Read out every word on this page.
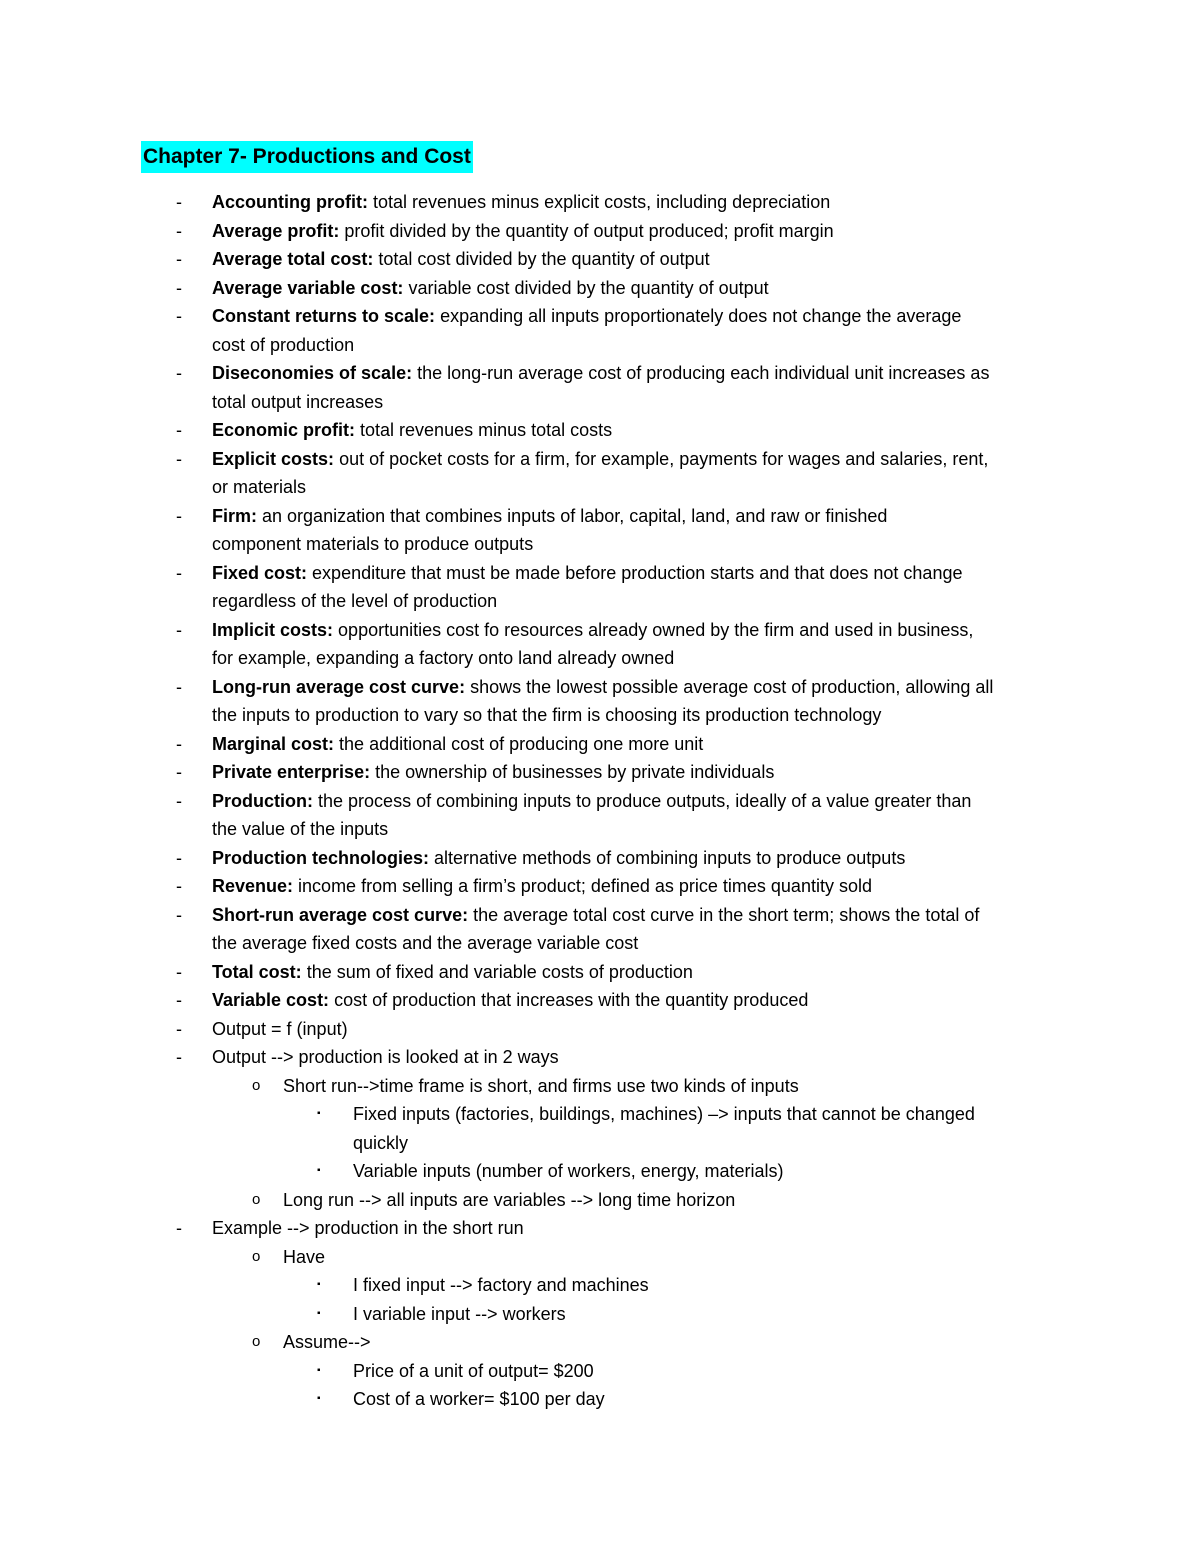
Chapter 7- Productions and Cost
- Accounting profit: total revenues minus explicit costs, including depreciation
- Average profit: profit divided by the quantity of output produced; profit margin
- Average total cost: total cost divided by the quantity of output
- Average variable cost: variable cost divided by the quantity of output
- Constant returns to scale: expanding all inputs proportionately does not change the average
cost of production
- Diseconomies of scale: the long-run average cost of producing each individual unit increases as
total output increases
- Economic profit: total revenues minus total costs
- Explicit costs: out of pocket costs for a firm, for example, payments for wages and salaries, rent,
or materials
- Firm: an organization that combines inputs of labor, capital, land, and raw or finished
component materials to produce outputs
- Fixed cost: expenditure that must be made before production starts and that does not change
regardless of the level of production
- Implicit costs: opportunities cost fo resources already owned by the firm and used in business,
for example, expanding a factory onto land already owned
- Long-run average cost curve: shows the lowest possible average cost of production, allowing all
the inputs to production to vary so that the firm is choosing its production technology
- Marginal cost: the additional cost of producing one more unit
- Private enterprise: the ownership of businesses by private individuals
- Production: the process of combining inputs to produce outputs, ideally of a value greater than
the value of the inputs
- Production technologies: alternative methods of combining inputs to produce outputs
- Revenue: income from selling a firm’s product; defined as price times quantity sold
- Short-run average cost curve: the average total cost curve in the short term; shows the total of
the average fixed costs and the average variable cost
- Total cost: the sum of fixed and variable costs of production
- Variable cost: cost of production that increases with the quantity produced
- Output = f (input)
- Output --> production is looked at in 2 ways
o Short run-->time frame is short, and firms use two kinds of inputs
▪ Fixed inputs (factories, buildings, machines) –> inputs that cannot be changed
quickly
▪ Variable inputs (number of workers, energy, materials)
o Long run --> all inputs are variables --> long time horizon
- Example --> production in the short run
o Have
▪ I fixed input --> factory and machines
▪ I variable input --> workers
o Assume-->
▪ Price of a unit of output= $200
▪ Cost of a worker= $100 per day
